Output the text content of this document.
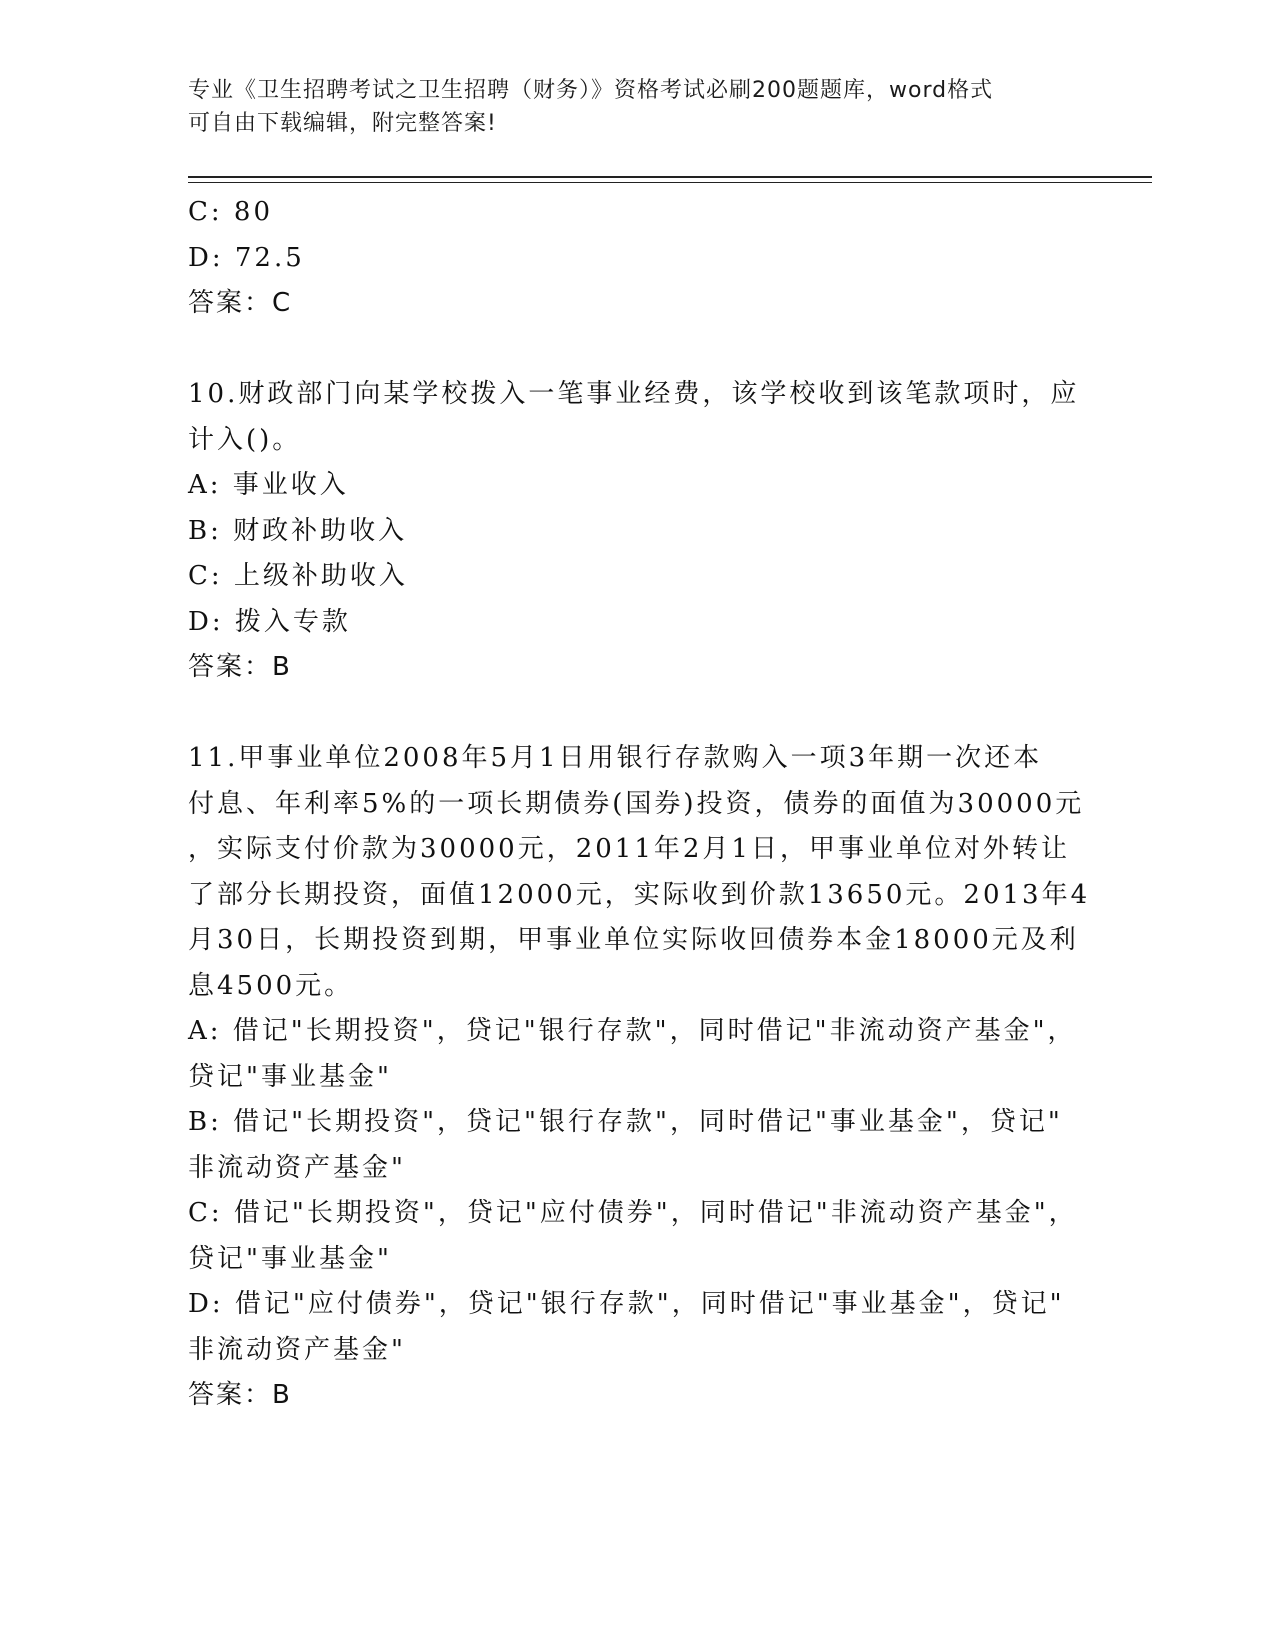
专业《卫生招聘考试之卫生招聘（财务）》资格考试必刷200题题库，word格式
可自由下载编辑，附完整答案!
C: 80
D: 72.5
答案：C
10.财政部门向某学校拨入一笔事业经费，该学校收到该笔款项时，应
计入()。
A: 事业收入
B: 财政补助收入
C: 上级补助收入
D: 拨入专款
答案：B
11.甲事业单位2008年5月1日用银行存款购入一项3年期一次还本
付息、年利率5%的一项长期债券(国券)投资，债券的面值为30000元
，实际支付价款为30000元，2011年2月1日，甲事业单位对外转让
了部分长期投资，面值12000元，实际收到价款13650元。2013年4
月30日，长期投资到期，甲事业单位实际收回债券本金18000元及利
息4500元。
A: 借记"长期投资"，贷记"银行存款"，同时借记"非流动资产基金"，
贷记"事业基金"
B: 借记"长期投资"，贷记"银行存款"，同时借记"事业基金"，贷记"
非流动资产基金"
C: 借记"长期投资"，贷记"应付债券"，同时借记"非流动资产基金"，
贷记"事业基金"
D: 借记"应付债券"，贷记"银行存款"，同时借记"事业基金"，贷记"
非流动资产基金"
答案：B
